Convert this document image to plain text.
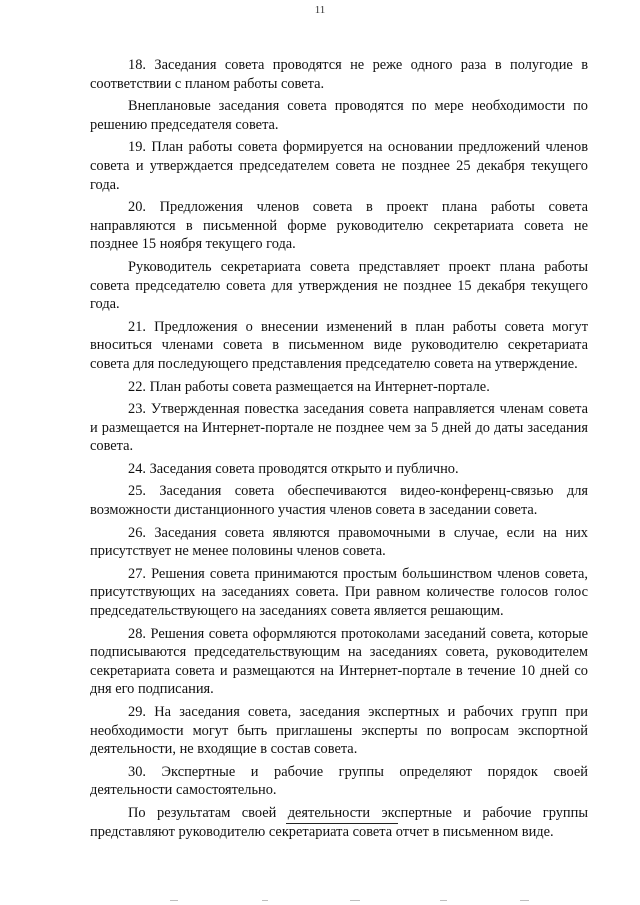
11

18. Заседания совета проводятся не реже одного раза в полугодие в соответствии с планом работы совета.

Внеплановые заседания совета проводятся по мере необходимости по решению председателя совета.

19. План работы совета формируется на основании предложений членов совета и утверждается председателем совета не позднее 25 декабря текущего года.

20. Предложения членов совета в проект плана работы совета направляются в письменной форме руководителю секретариата совета не позднее 15 ноября текущего года.

Руководитель секретариата совета представляет проект плана работы совета председателю совета для утверждения не позднее 15 декабря текущего года.

21. Предложения о внесении изменений в план работы совета могут вноситься членами совета в письменном виде руководителю секретариата совета для последующего представления председателю совета на утверждение.

22. План работы совета размещается на Интернет-портале.

23. Утвержденная повестка заседания совета направляется членам совета и размещается на Интернет-портале не позднее чем за 5 дней до даты заседания совета.

24. Заседания совета проводятся открыто и публично.

25. Заседания совета обеспечиваются видео-конференц-связью для возможности дистанционного участия членов совета в заседании совета.

26. Заседания совета являются правомочными в случае, если на них присутствует не менее половины членов совета.

27. Решения совета принимаются простым большинством членов совета, присутствующих на заседаниях совета. При равном количестве голосов голос председательствующего на заседаниях совета является решающим.

28. Решения совета оформляются протоколами заседаний совета, которые подписываются председательствующим на заседаниях совета, руководителем секретариата совета и размещаются на Интернет-портале в течение 10 дней со дня его подписания.

29. На заседания совета, заседания экспертных и рабочих групп при необходимости могут быть приглашены эксперты по вопросам экспортной деятельности, не входящие в состав совета.

30. Экспертные и рабочие группы определяют порядок своей деятельности самостоятельно.

По результатам своей деятельности экспертные и рабочие группы представляют руководителю секретариата совета отчет в письменном виде.
